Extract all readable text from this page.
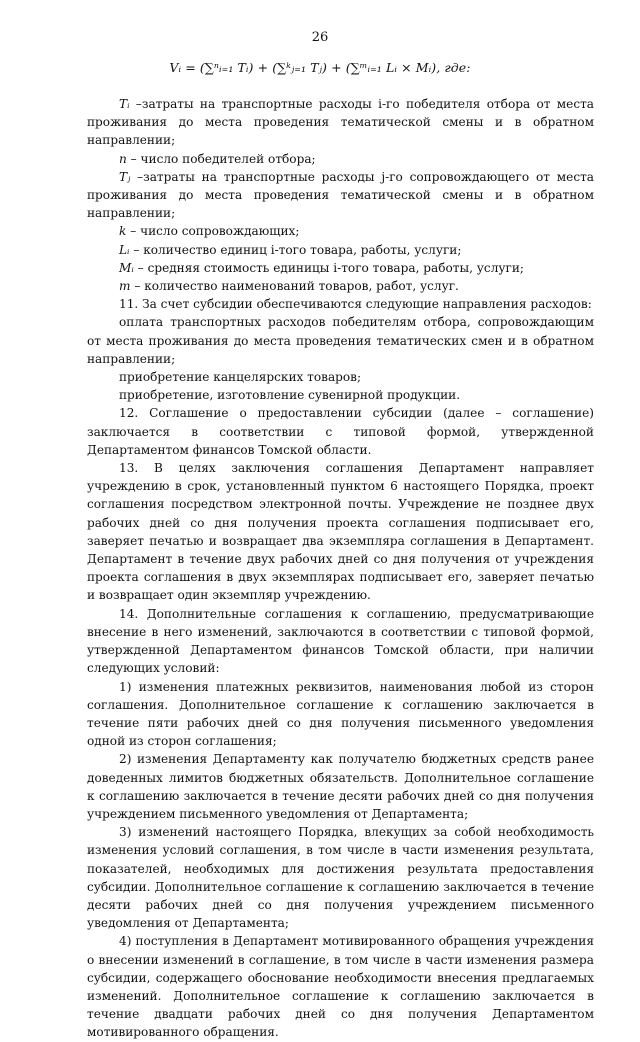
26
Vᵢ = (∑ⁿᵢ₌₁ Tᵢ) + (∑ᵏⱼ₌₁ Tⱼ) + (∑ᵐᵢ₌₁ Lᵢ × Mᵢ), где:

Tᵢ –затраты на транспортные расходы i-го победителя отбора от места проживания до места проведения тематической смены и в обратном направлении;

n – число победителей отбора;

Tⱼ –затраты на транспортные расходы j-го сопровождающего от места проживания до места проведения тематической смены и в обратном направлении;

k – число сопровождающих;

Lᵢ – количество единиц i-того товара, работы, услуги;

Mᵢ – средняя стоимость единицы i-того товара, работы, услуги;

m – количество наименований товаров, работ, услуг.

11. За счет субсидии обеспечиваются следующие направления расходов:

оплата транспортных расходов победителям отбора, сопровождающим от места проживания до места проведения тематических смен и в обратном направлении;

приобретение канцелярских товаров;

приобретение, изготовление сувенирной продукции.

12. Соглашение о предоставлении субсидии (далее – соглашение) заключается в соответствии с типовой формой, утвержденной Департаментом финансов Томской области.

13. В целях заключения соглашения Департамент направляет учреждению в срок, установленный пунктом 6 настоящего Порядка, проект соглашения посредством электронной почты. Учреждение не позднее двух рабочих дней со дня получения проекта соглашения подписывает его, заверяет печатью и возвращает два экземпляра соглашения в Департамент. Департамент в течение двух рабочих дней со дня получения от учреждения проекта соглашения в двух экземплярах подписывает его, заверяет печатью и возвращает один экземпляр учреждению.

14. Дополнительные соглашения к соглашению, предусматривающие внесение в него изменений, заключаются в соответствии с типовой формой, утвержденной Департаментом финансов Томской области, при наличии следующих условий:

1) изменения платежных реквизитов, наименования любой из сторон соглашения. Дополнительное соглашение к соглашению заключается в течение пяти рабочих дней со дня получения письменного уведомления одной из сторон соглашения;

2) изменения Департаменту как получателю бюджетных средств ранее доведенных лимитов бюджетных обязательств. Дополнительное соглашение к соглашению заключается в течение десяти рабочих дней со дня получения учреждением письменного уведомления от Департамента;

3) изменений настоящего Порядка, влекущих за собой необходимость изменения условий соглашения, в том числе в части изменения результата, показателей, необходимых для достижения результата предоставления субсидии. Дополнительное соглашение к соглашению заключается в течение десяти рабочих дней со дня получения учреждением письменного уведомления от Департамента;

4) поступления в Департамент мотивированного обращения учреждения о внесении изменений в соглашение, в том числе в части изменения размера субсидии, содержащего обоснование необходимости внесения предлагаемых изменений. Дополнительное соглашение к соглашению заключается в течение двадцати рабочих дней со дня получения Департаментом мотивированного обращения.
